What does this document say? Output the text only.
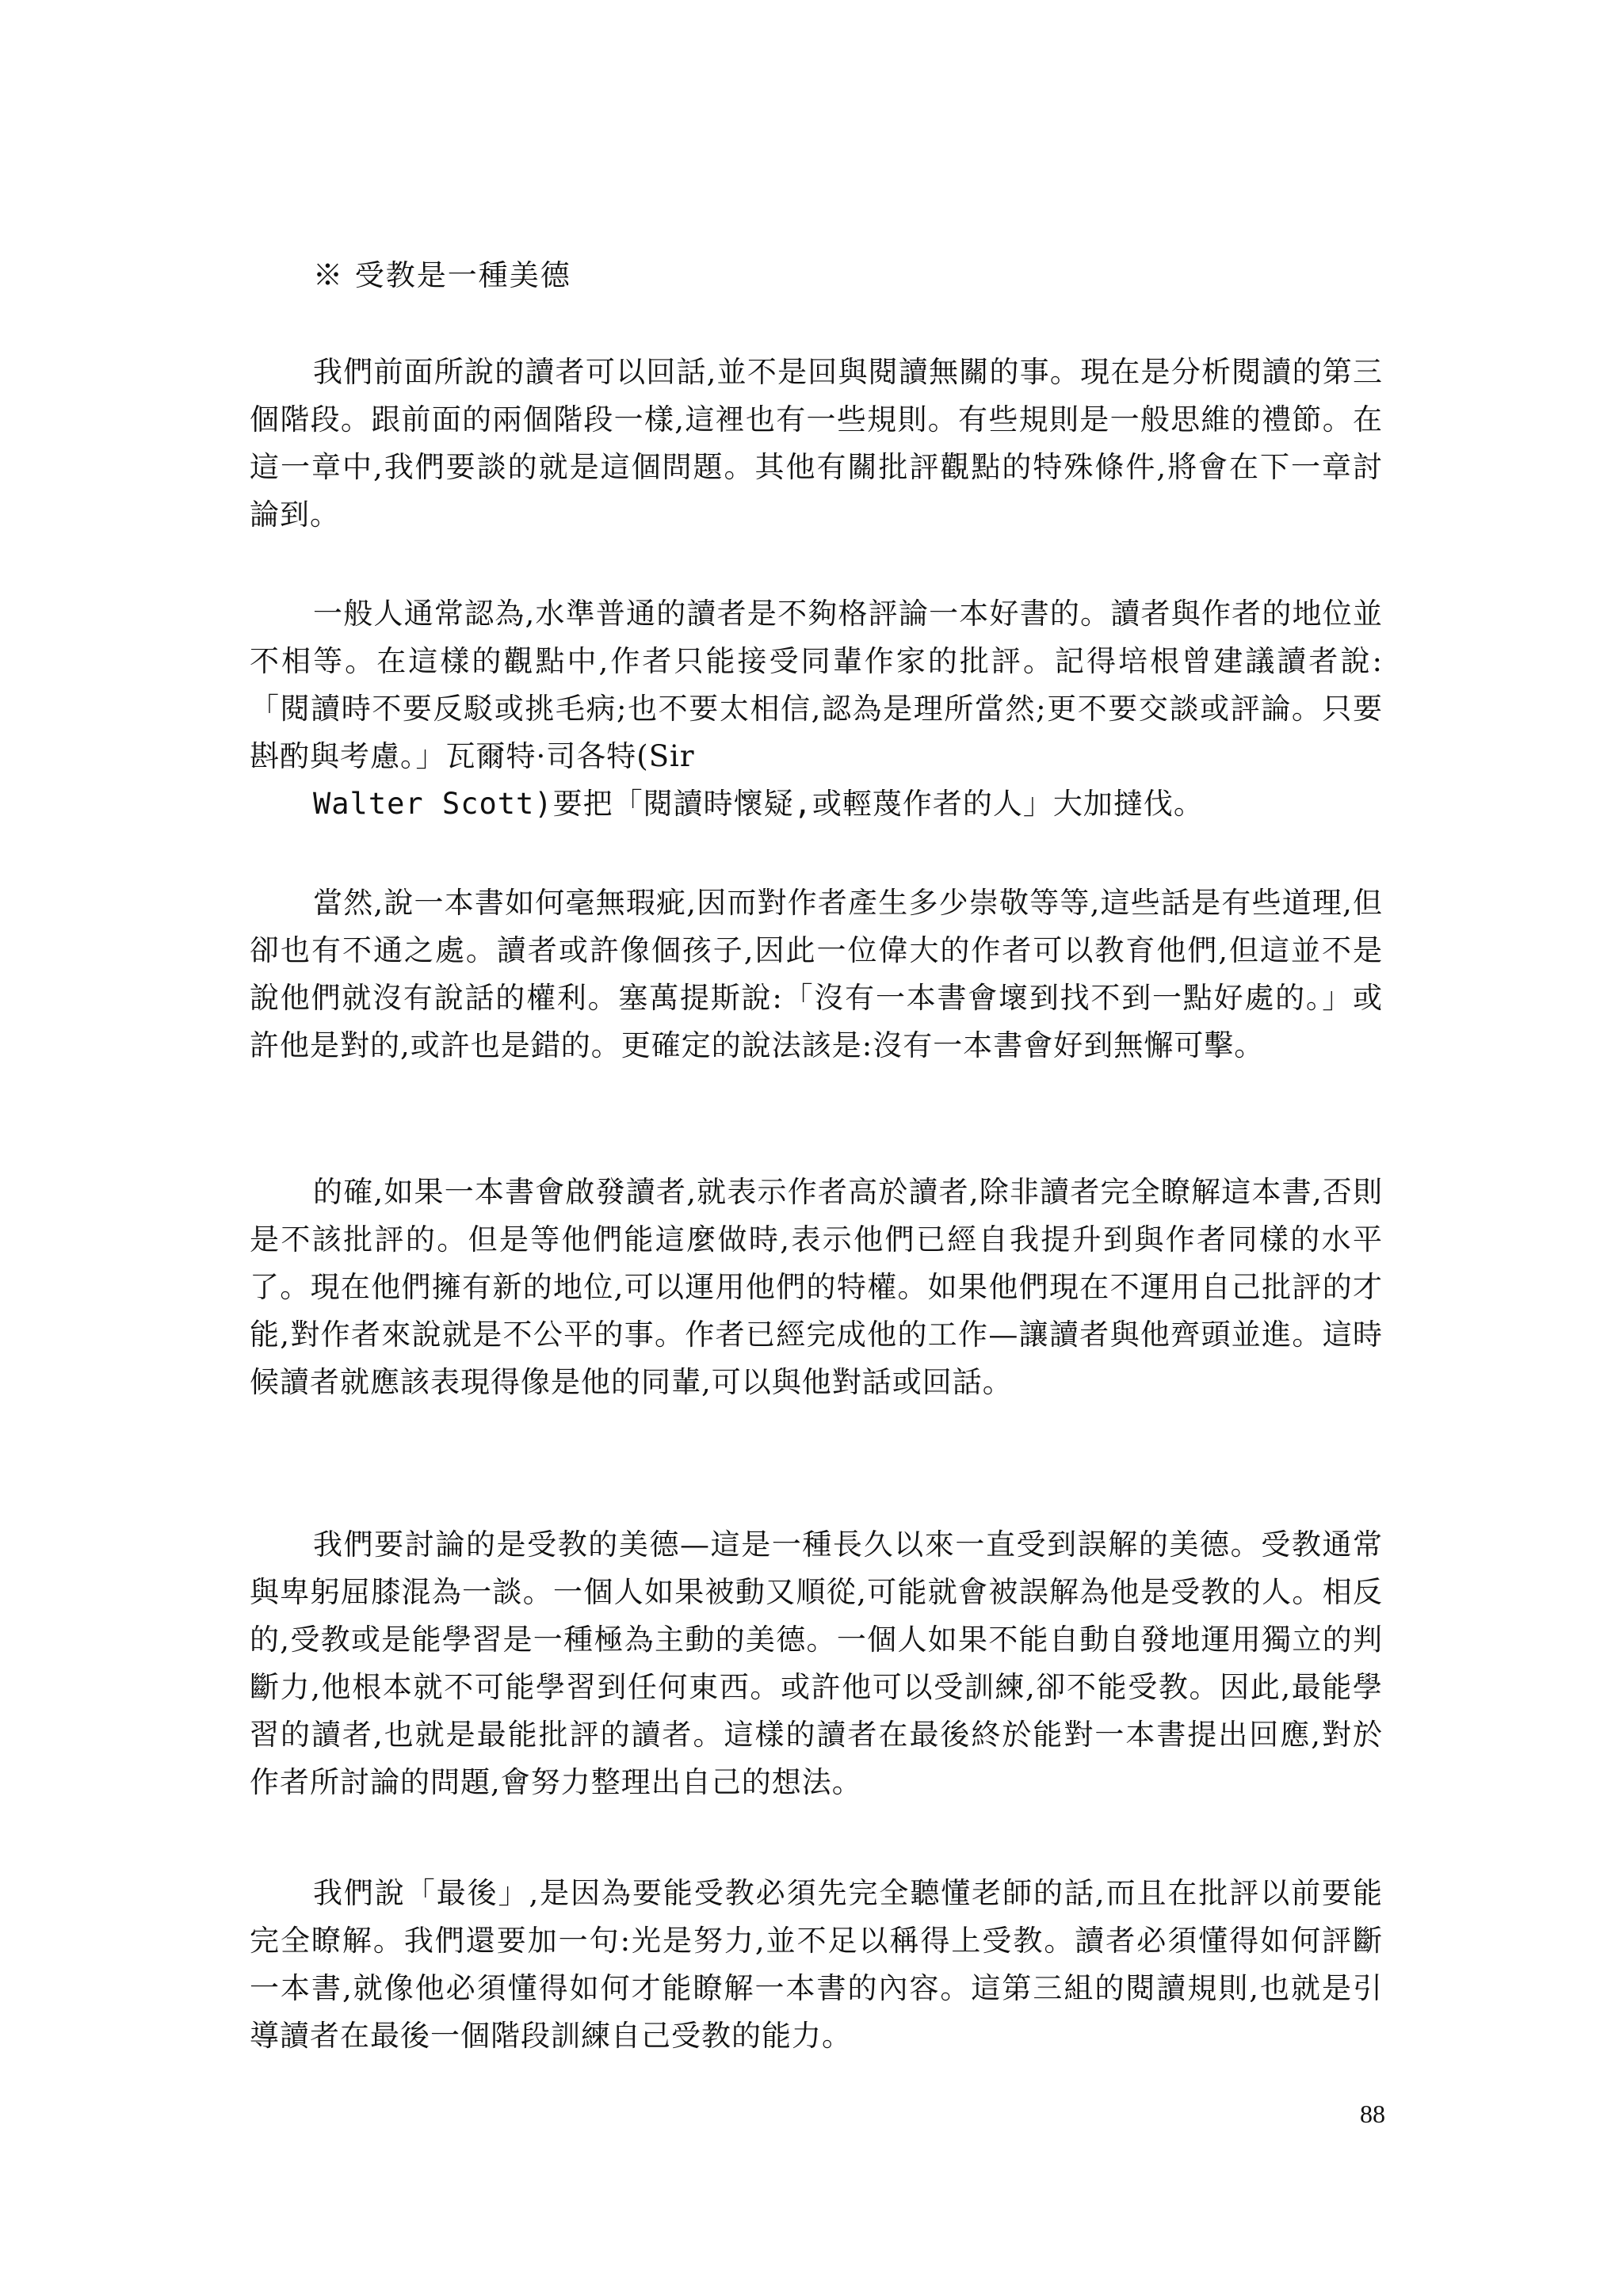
※ 受教是一種美德

我們前面所說的讀者可以回話,並不是回與閱讀無關的事。現在是分析閱讀的第三個階段。跟前面的兩個階段一樣,這裡也有一些規則。有些規則是一般思維的禮節。在這一章中,我們要談的就是這個問題。其他有關批評觀點的特殊條件,將會在下一章討論到。

一般人通常認為,水準普通的讀者是不夠格評論一本好書的。讀者與作者的地位並不相等。在這樣的觀點中,作者只能接受同輩作家的批評。記得培根曾建議讀者說:「閱讀時不要反駁或挑毛病;也不要太相信,認為是理所當然;更不要交談或評論。只要斟酌與考慮。」瓦爾特·司各特(Sir

Walter Scott)要把「閱讀時懷疑,或輕蔑作者的人」大加撻伐。

當然,說一本書如何毫無瑕疵,因而對作者產生多少崇敬等等,這些話是有些道理,但卻也有不通之處。讀者或許像個孩子,因此一位偉大的作者可以教育他們,但這並不是說他們就沒有說話的權利。塞萬提斯說:「沒有一本書會壞到找不到一點好處的。」或許他是對的,或許也是錯的。更確定的說法該是:沒有一本書會好到無懈可擊。

的確,如果一本書會啟發讀者,就表示作者高於讀者,除非讀者完全瞭解這本書,否則是不該批評的。但是等他們能這麼做時,表示他們已經自我提升到與作者同樣的水平了。現在他們擁有新的地位,可以運用他們的特權。如果他們現在不運用自己批評的才能,對作者來說就是不公平的事。作者已經完成他的工作—讓讀者與他齊頭並進。這時候讀者就應該表現得像是他的同輩,可以與他對話或回話。

我們要討論的是受教的美德—這是一種長久以來一直受到誤解的美德。受教通常與卑躬屈膝混為一談。一個人如果被動又順從,可能就會被誤解為他是受教的人。相反的,受教或是能學習是一種極為主動的美德。一個人如果不能自動自發地運用獨立的判斷力,他根本就不可能學習到任何東西。或許他可以受訓練,卻不能受教。因此,最能學習的讀者,也就是最能批評的讀者。這樣的讀者在最後終於能對一本書提出回應,對於作者所討論的問題,會努力整理出自己的想法。

我們說「最後」,是因為要能受教必須先完全聽懂老師的話,而且在批評以前要能完全瞭解。我們還要加一句:光是努力,並不足以稱得上受教。讀者必須懂得如何評斷一本書,就像他必須懂得如何才能瞭解一本書的內容。這第三組的閱讀規則,也就是引導讀者在最後一個階段訓練自己受教的能力。

88
